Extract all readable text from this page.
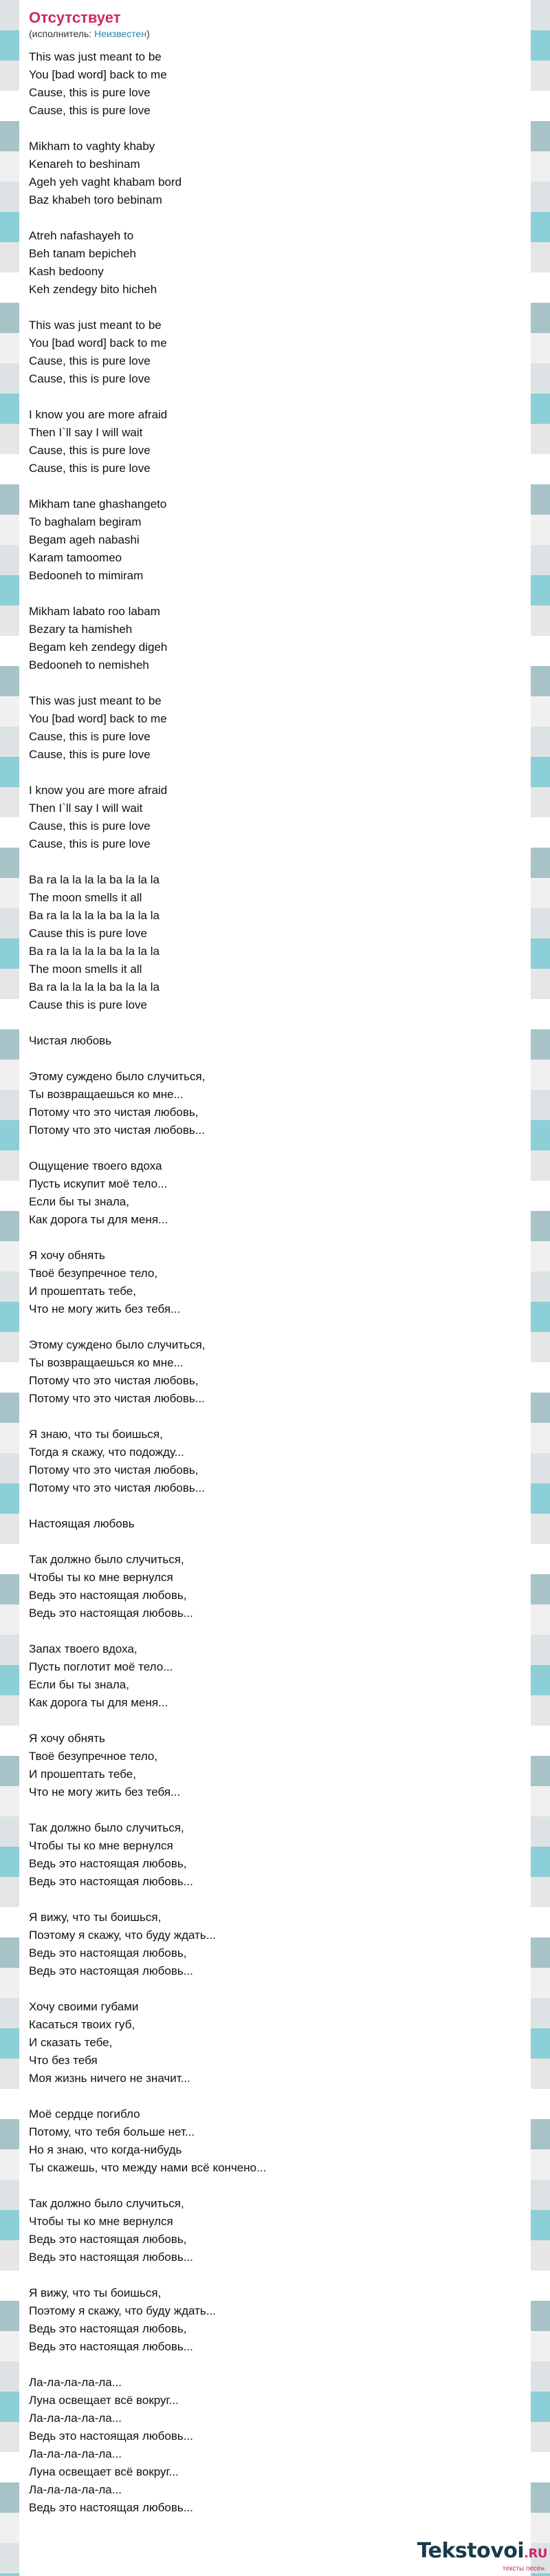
Отсутствует
(исполнитель: Неизвестен)
This was just meant to be
You [bad word] back to me
Cause, this is pure love
Cause, this is pure love
Mikham to vaghty khaby
Kenareh to beshinam
Ageh yeh vaght khabam bord
Baz khabeh toro bebinam
Atreh nafashayeh to
Beh tanam bepicheh
Kash bedoony
Keh zendegy bito hicheh
This was just meant to be
You [bad word] back to me
Cause, this is pure love
Cause, this is pure love
I know you are more afraid
Then I`ll say I will wait
Cause, this is pure love
Cause, this is pure love
Mikham tane ghashangeto
To baghalam begiram
Begam ageh nabashi
Karam tamoomeo
Bedooneh to mimiram
Mikham labato roo labam
Bezary ta hamisheh
Begam keh zendegy digeh
Bedooneh to nemisheh
This was just meant to be
You [bad word] back to me
Cause, this is pure love
Cause, this is pure love
I know you are more afraid
Then I`ll say I will wait
Cause, this is pure love
Cause, this is pure love
Ba ra la la la la ba la la la
The moon smells it all
Ba ra la la la la ba la la la
Cause this is pure love
Ba ra la la la la ba la la la
The moon smells it all
Ba ra la la la la ba la la la
Cause this is pure love
Чистая любовь
Этому суждено было случиться,
Ты возвращаешься ко мне...
Потому что это чистая любовь,
Потому что это чистая любовь...
Ощущение твоего вдоха
Пусть искупит моё тело...
Если бы ты знала,
Как дорога ты для меня...
Я хочу обнять
Твоё безупречное тело,
И прошептать тебе,
Что не могу жить без тебя...
Этому суждено было случиться,
Ты возвращаешься ко мне...
Потому что это чистая любовь,
Потому что это чистая любовь...
Я знаю, что ты боишься,
Тогда я скажу, что подожду...
Потому что это чистая любовь,
Потому что это чистая любовь...
Настоящая любовь
Так должно было случиться,
Чтобы ты ко мне вернулся
Ведь это настоящая любовь,
Ведь это настоящая любовь...
Запах твоего вдоха,
Пусть поглотит моё тело...
Если бы ты знала,
Как дорога ты для меня...
Я хочу обнять
Твоё безупречное тело,
И прошептать тебе,
Что не могу жить без тебя...
Так должно было случиться,
Чтобы ты ко мне вернулся
Ведь это настоящая любовь,
Ведь это настоящая любовь...
Я вижу, что ты боишься,
Поэтому я скажу, что буду ждать...
Ведь это настоящая любовь,
Ведь это настоящая любовь...
Хочу своими губами
Касаться твоих губ,
И сказать тебе,
Что без тебя
Моя жизнь ничего не значит...
Моё сердце погибло
Потому, что тебя больше нет...
Но я знаю, что когда-нибудь
Ты скажешь, что между нами всё кончено...
Так должно было случиться,
Чтобы ты ко мне вернулся
Ведь это настоящая любовь,
Ведь это настоящая любовь...
Я вижу, что ты боишься,
Поэтому я скажу, что буду ждать...
Ведь это настоящая любовь,
Ведь это настоящая любовь...
Ла-ла-ла-ла-ла...
Луна освещает всё вокруг...
Ла-ла-ла-ла-ла...
Ведь это настоящая любовь...
Ла-ла-ла-ла-ла...
Луна освещает всё вокруг...
Ла-ла-ла-ла-ла...
Ведь это настоящая любовь...
Tekstovoi.RU
тексты песен
